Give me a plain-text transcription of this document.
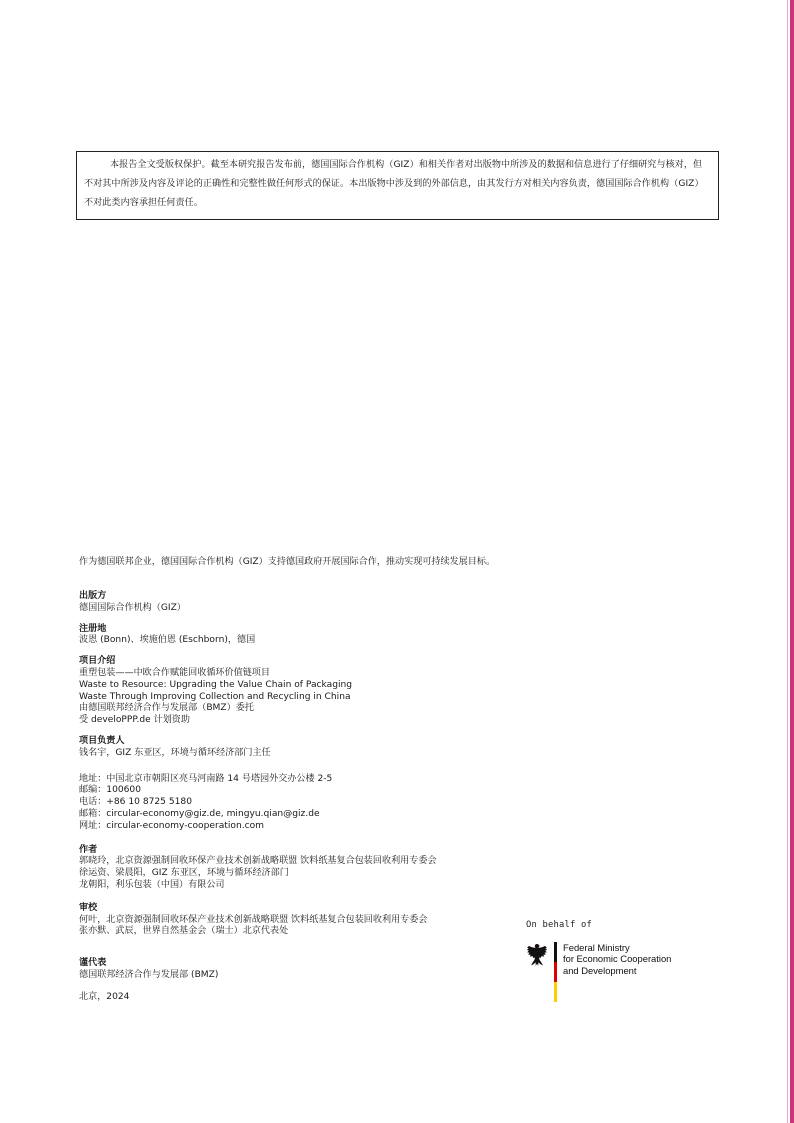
本报告全文受版权保护。截至本研究报告发布前，德国国际合作机构（GIZ）和相关作者对出版物中所涉及的数据和信息进行了仔细研究与核对，但不对其中所涉及内容及评论的正确性和完整性做任何形式的保证。本出版物中涉及到的外部信息，由其发行方对相关内容负责，德国国际合作机构（GIZ）不对此类内容承担任何责任。

作为德国联邦企业，德国国际合作机构（GIZ）支持德国政府开展国际合作，推动实现可持续发展目标。
出版方
德国国际合作机构（GIZ）
注册地
波恩 (Bonn)、埃施伯恩 (Eschborn)，德国
项目介绍
重塑包装——中欧合作赋能回收循环价值链项目
Waste to Resource: Upgrading the Value Chain of Packaging
Waste Through Improving Collection and Recycling in China
由德国联邦经济合作与发展部（BMZ）委托
受 develoPPP.de 计划资助
项目负责人
钱名宇，GIZ 东亚区，环境与循环经济部门主任
地址：中国北京市朝阳区亮马河南路 14 号塔园外交办公楼 2-5
邮编：100600
电话：+86 10 8725 5180
邮箱：circular-economy@giz.de, mingyu.qian@giz.de
网址：circular-economy-cooperation.com
作者
郭晓玲，北京资源强制回收环保产业技术创新战略联盟 饮料纸基复合包装回收利用专委会
徐运资、梁晨阳，GIZ 东亚区，环境与循环经济部门
龙朝阳，利乐包装（中国）有限公司
审校
何叶，北京资源强制回收环保产业技术创新战略联盟 饮料纸基复合包装回收利用专委会
张亦默、武辰，世界自然基金会（瑞士）北京代表处
谨代表
德国联邦经济合作与发展部 (BMZ)
北京，2024
On behalf of
Federal Ministry
for Economic Cooperation
and Development
